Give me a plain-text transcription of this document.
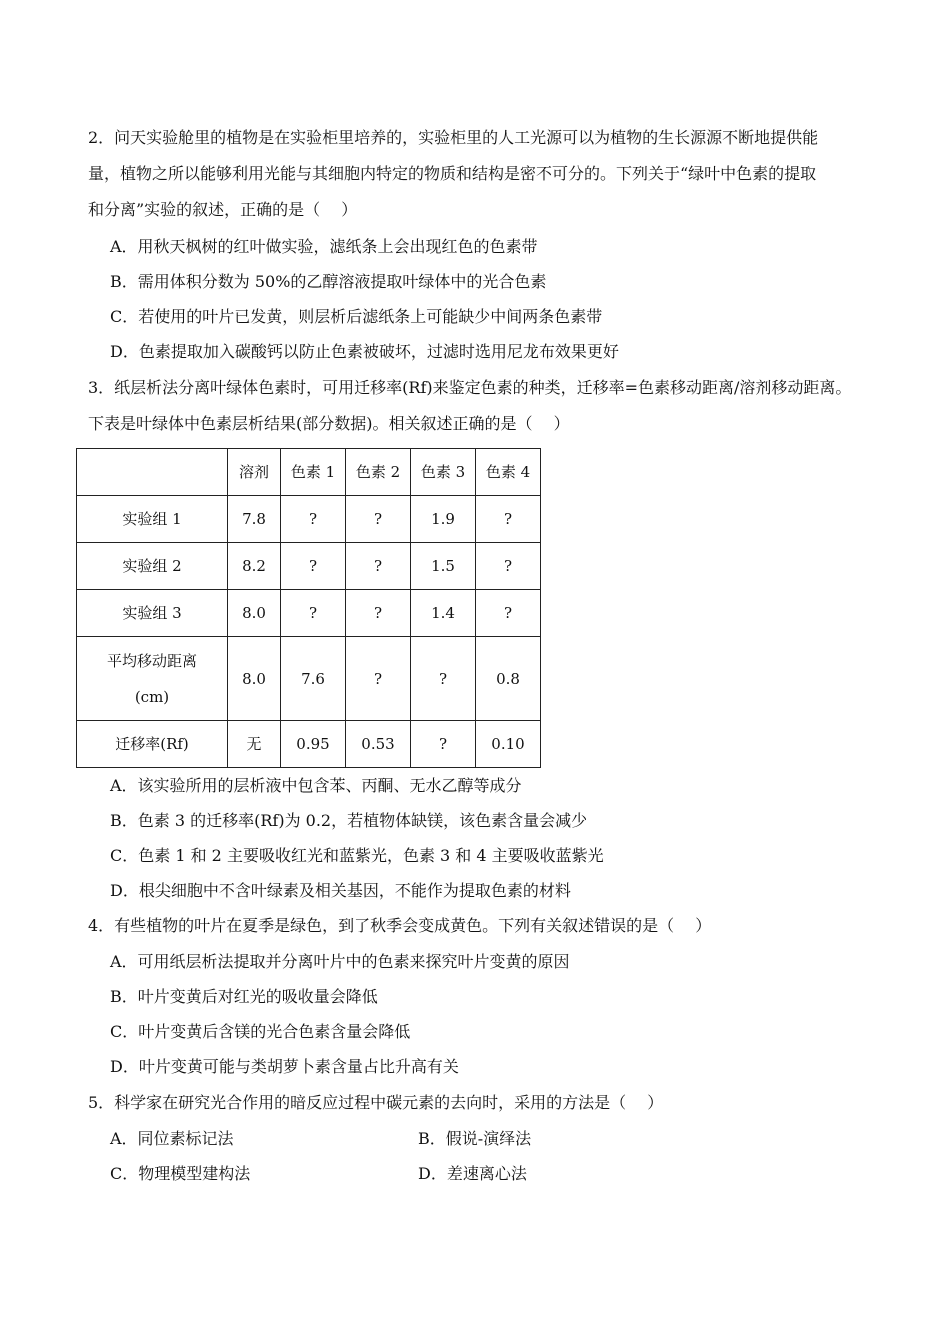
2．问天实验舱里的植物是在实验柜里培养的，实验柜里的人工光源可以为植物的生长源源不断地提供能
量，植物之所以能够利用光能与其细胞内特定的物质和结构是密不可分的。下列关于“绿叶中色素的提取
和分离”实验的叙述，正确的是（　 ）
A．用秋天枫树的红叶做实验，滤纸条上会出现红色的色素带
B．需用体积分数为 50%的乙醇溶液提取叶绿体中的光合色素
C．若使用的叶片已发黄，则层析后滤纸条上可能缺少中间两条色素带
D．色素提取加入碳酸钙以防止色素被破坏，过滤时选用尼龙布效果更好
3．纸层析法分离叶绿体色素时，可用迁移率(Rf)来鉴定色素的种类，迁移率=色素移动距离/溶剂移动距离。
下表是叶绿体中色素层析结果(部分数据)。相关叙述正确的是（　 ）
	溶剂	色素 1	色素 2	色素 3	色素 4
实验组 1	7.8	?	?	1.9	?
实验组 2	8.2	?	?	1.5	?
实验组 3	8.0	?	?	1.4	?

平均移动距离
(cm)	8.0	7.6	?	?	0.8
迁移率(Rf)	无	0.95	0.53	?	0.10
A．该实验所用的层析液中包含苯、丙酮、无水乙醇等成分
B．色素 3 的迁移率(Rf)为 0.2，若植物体缺镁，该色素含量会减少
C．色素 1 和 2 主要吸收红光和蓝紫光，色素 3 和 4 主要吸收蓝紫光
D．根尖细胞中不含叶绿素及相关基因，不能作为提取色素的材料
4．有些植物的叶片在夏季是绿色，到了秋季会变成黄色。下列有关叙述错误的是（　 ）
A．可用纸层析法提取并分离叶片中的色素来探究叶片变黄的原因
B．叶片变黄后对红光的吸收量会降低
C．叶片变黄后含镁的光合色素含量会降低
D．叶片变黄可能与类胡萝卜素含量占比升高有关
5．科学家在研究光合作用的暗反应过程中碳元素的去向时，采用的方法是（　 ）
A．同位素标记法	B．假说-演绎法
C．物理模型建构法	D．差速离心法
